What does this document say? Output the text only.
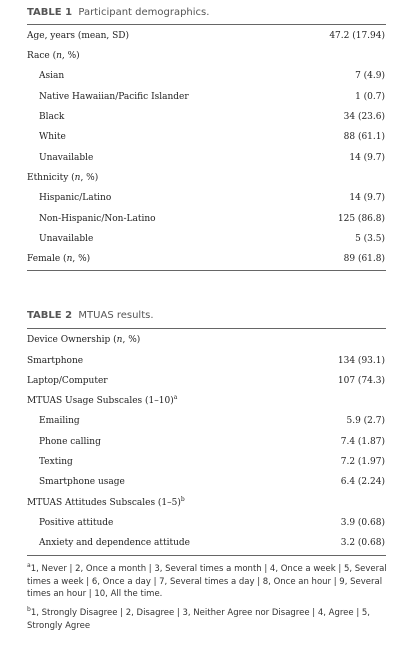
TABLE 1 Participant demographics.
Age, years (mean, SD)	47.2 (17.94)
Race (n, %)
Asian	7 (4.9)
Native Hawaiian/Pacific Islander	1 (0.7)
Black	34 (23.6)
White	88 (61.1)
Unavailable	14 (9.7)
Ethnicity (n, %)
Hispanic/Latino	14 (9.7)
Non-Hispanic/Non-Latino	125 (86.8)
Unavailable	5 (3.5)
Female (n, %)	89 (61.8)
TABLE 2 MTUAS results.
Device Ownership (n, %)
Smartphone	134 (93.1)
Laptop/Computer	107 (74.3)
MTUAS Usage Subscales $(1-10)^a$
Emailing	5.9 (2.7)
Phone calling	7.4 (1.87)
Texting	7.2 (1.97)
Smartphone usage	6.4 (2.24)
MTUAS Attitudes Subscales $(1-5)^b$
Positive attitude	3.9 (0.68)
Anxiety and dependence attitude	3.2 (0.68)
$^a$1, Never | 2, Once a month | 3, Several times a month | 4, Once a week | 5, Several times a week | 6, Once a day | 7, Several times a day | 8, Once an hour | 9, Several times an hour | 10, All the time.
$^b$1, Strongly Disagree | 2, Disagree | 3, Neither Agree nor Disagree | 4, Agree | 5, Strongly Agree
